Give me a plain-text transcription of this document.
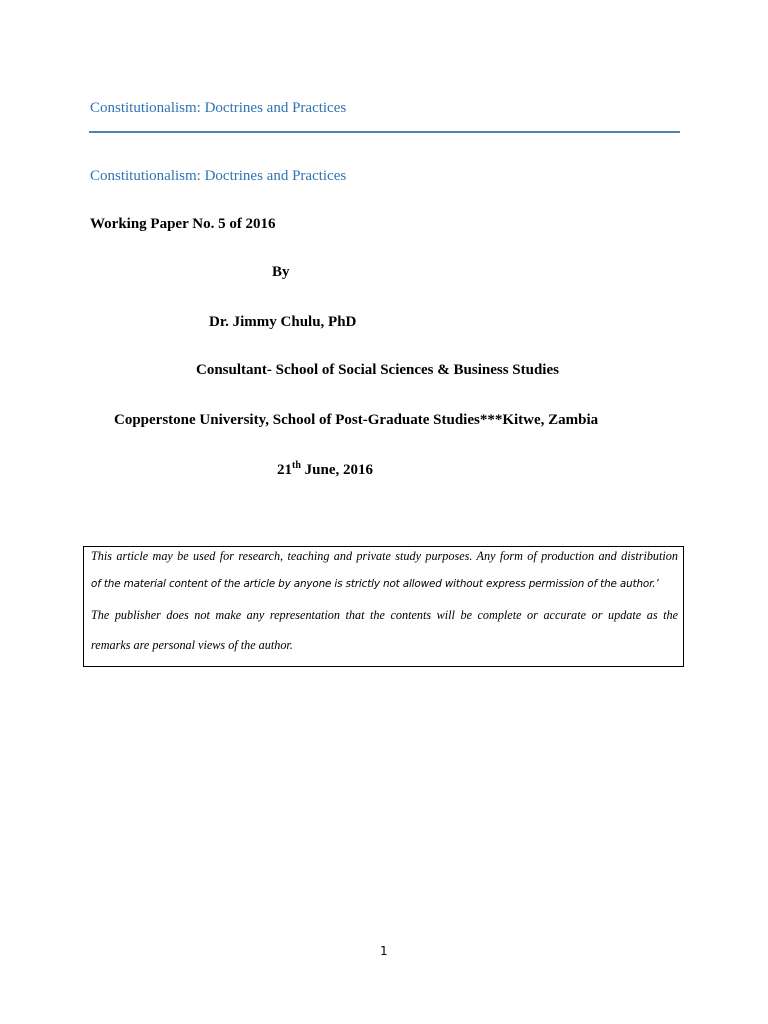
Constitutionalism: Doctrines and Practices
Constitutionalism: Doctrines and Practices
Working Paper No. 5 of 2016
By
Dr. Jimmy Chulu, PhD
Consultant- School of Social Sciences & Business Studies
Copperstone University, School of Post-Graduate Studies***Kitwe, Zambia
21th June, 2016
This article may be used for research, teaching and private study purposes. Any form of production and distribution
of the material content of the article by anyone is strictly not allowed without express permission of the author.’
The publisher does not make any representation that the contents will be complete or accurate or update as the
remarks are personal views of the author.
1
